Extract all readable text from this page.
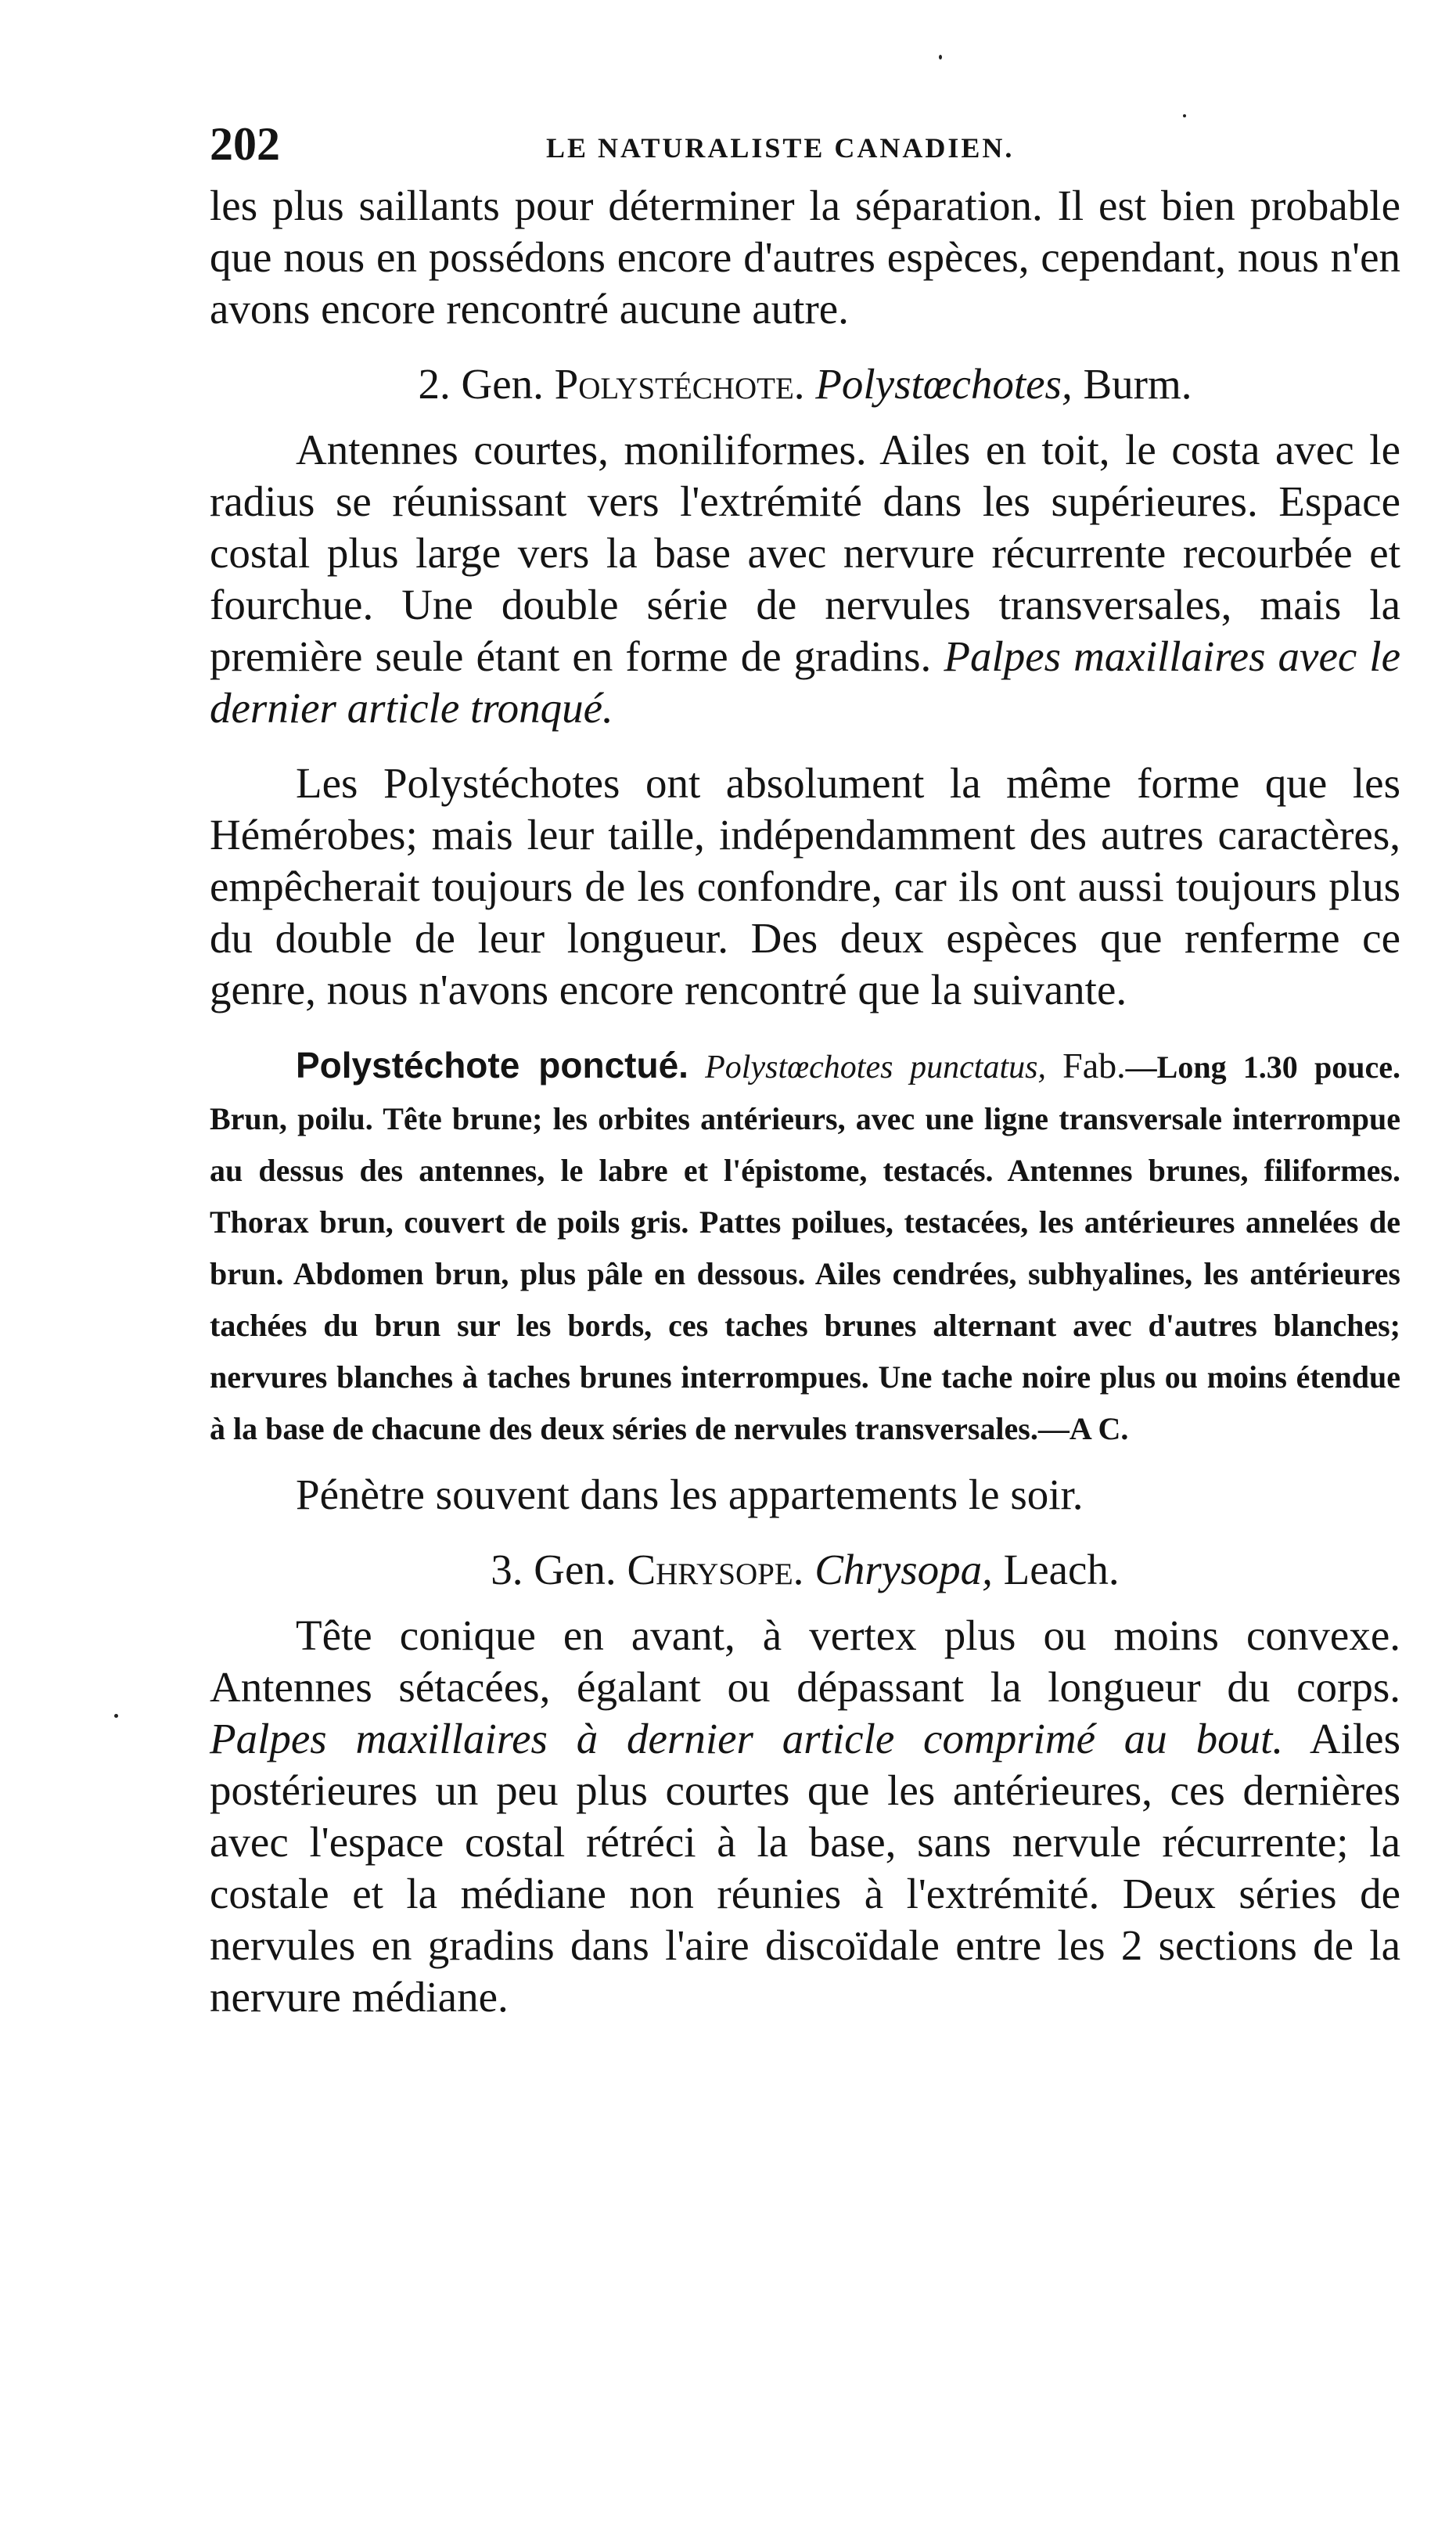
202	LE NATURALISTE CANADIEN.

les plus saillants pour déterminer la séparation. Il est bien probable que nous en possédons encore d'autres espèces, cependant, nous n'en avons encore rencontré aucune autre.

2. Gen. Polystéchote. Polystœchotes, Burm.

Antennes courtes, moniliformes. Ailes en toit, le costa avec le radius se réunissant vers l'extrémité dans les supérieures. Espace costal plus large vers la base avec nervure récurrente recourbée et fourchue. Une double série de nervules transversales, mais la première seule étant en forme de gradins. Palpes maxillaires avec le dernier article tronqué.

Les Polystéchotes ont absolument la même forme que les Hémérobes; mais leur taille, indépendamment des autres caractères, empêcherait toujours de les confondre, car ils ont aussi toujours plus du double de leur longueur. Des deux espèces que renferme ce genre, nous n'avons encore rencontré que la suivante.

Polystéchote ponctué. Polystœchotes punctatus, Fab.—Long 1.30 pouce. Brun, poilu. Tête brune; les orbites antérieurs, avec une ligne transversale interrompue au dessus des antennes, le labre et l'épistome, testacés. Antennes brunes, filiformes. Thorax brun, couvert de poils gris. Pattes poilues, testacées, les antérieures annelées de brun. Abdomen brun, plus pâle en dessous. Ailes cendrées, subhyalines, les antérieures tachées du brun sur les bords, ces taches brunes alternant avec d'autres blanches; nervures blanches à taches brunes interrompues. Une tache noire plus ou moins étendue à la base de chacune des deux séries de nervules transversales.—A C.

Pénètre souvent dans les appartements le soir.

3. Gen. Chrysope. Chrysopa, Leach.

Tête conique en avant, à vertex plus ou moins convexe. Antennes sétacées, égalant ou dépassant la longueur du corps. Palpes maxillaires à dernier article comprimé au bout. Ailes postérieures un peu plus courtes que les antérieures, ces dernières avec l'espace costal rétréci à la base, sans nervule récurrente; la costale et la médiane non réunies à l'extrémité. Deux séries de nervules en gradins dans l'aire discoïdale entre les 2 sections de la nervure médiane.
